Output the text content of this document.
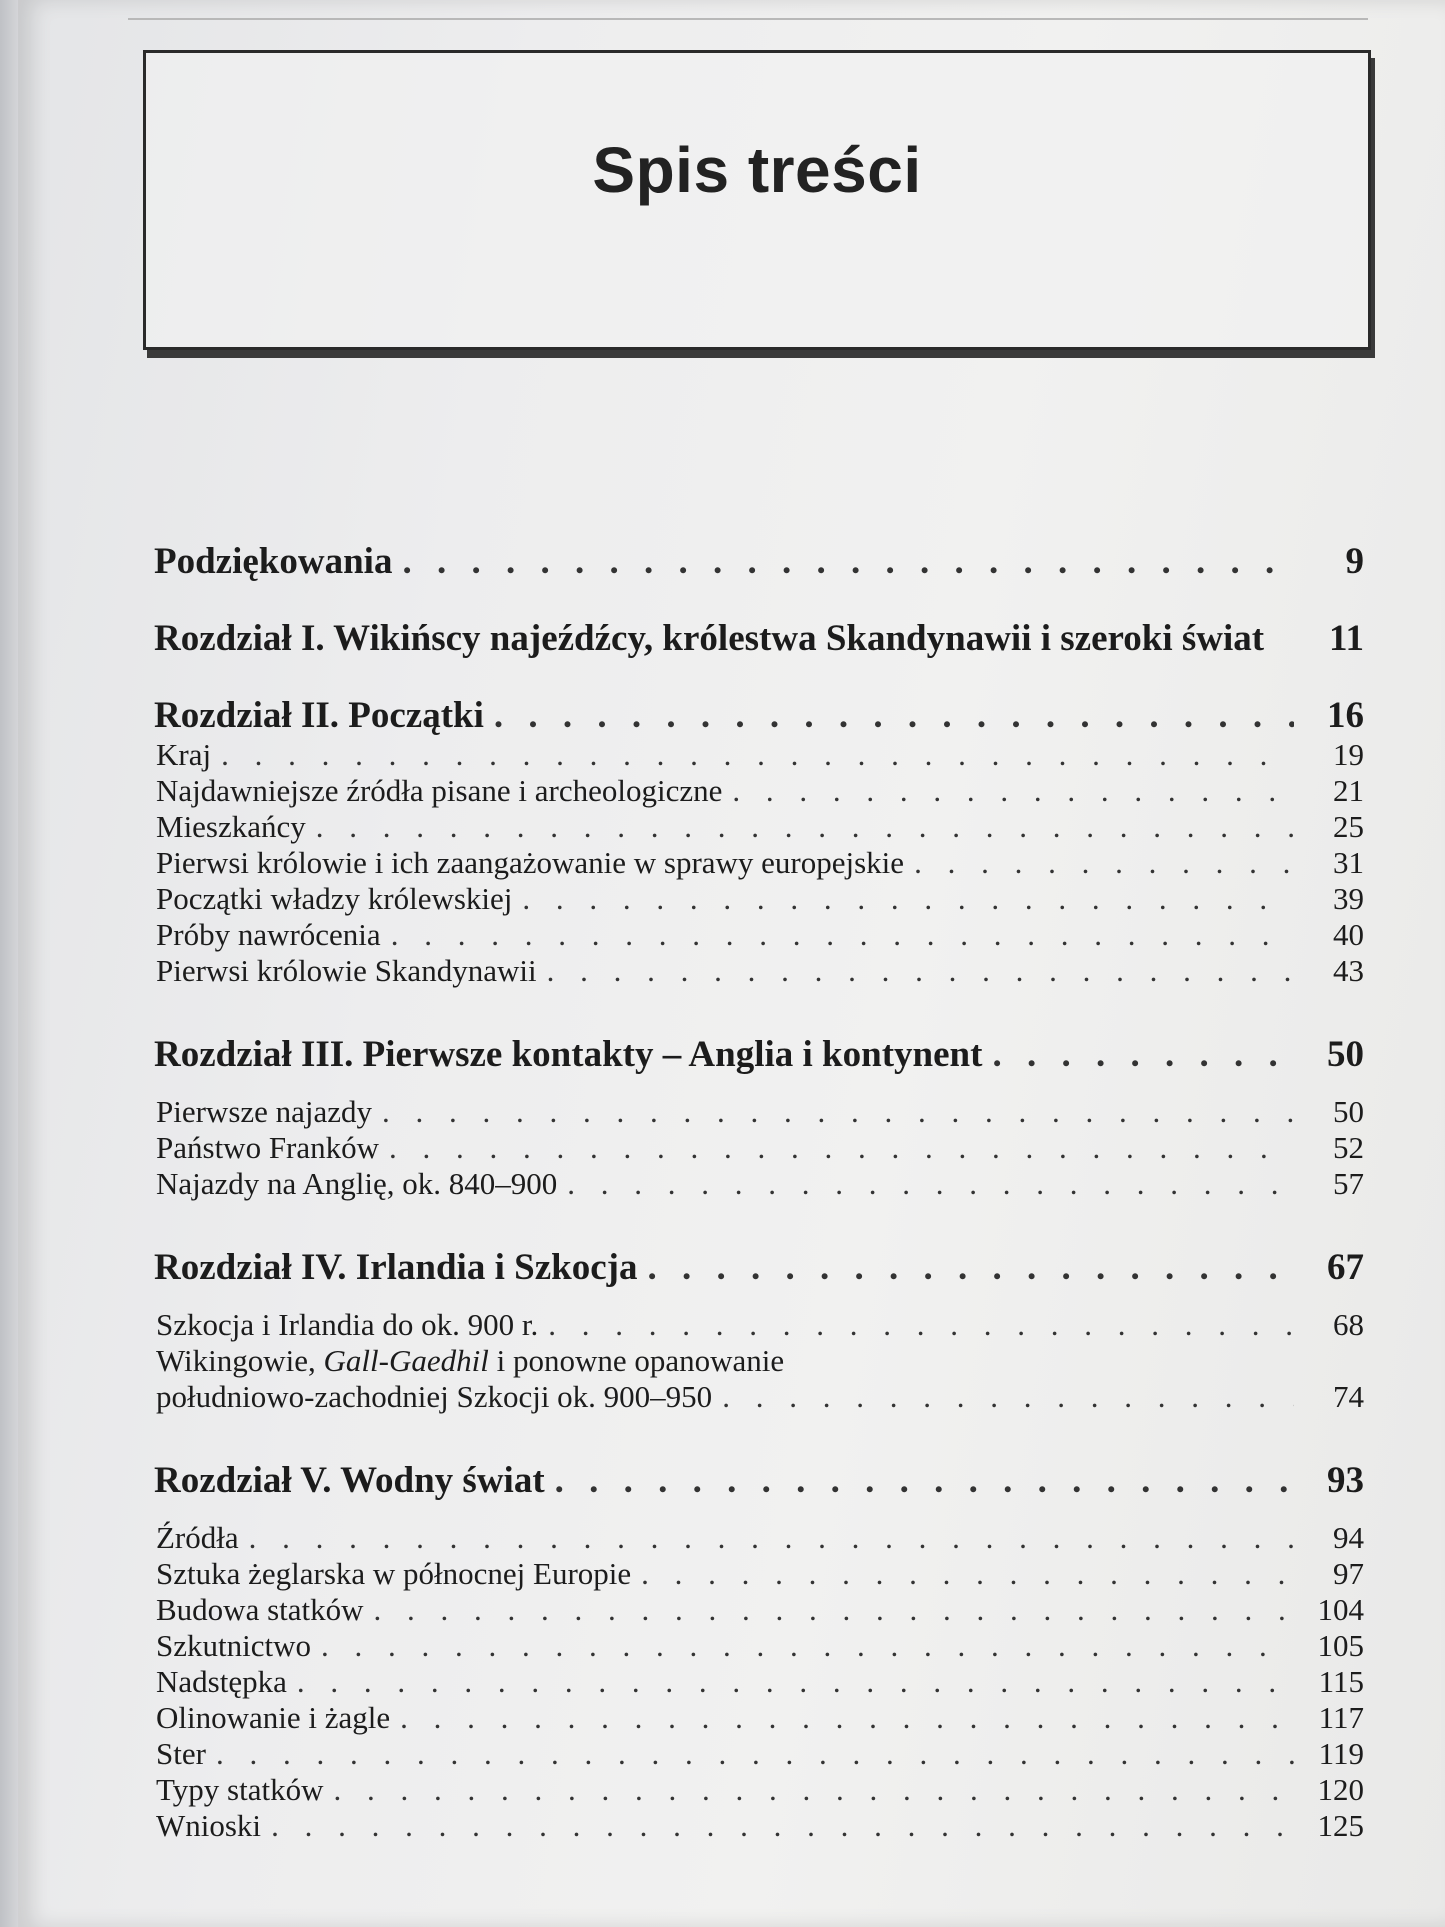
Spis treści
Podziękowania . . .	9
Rozdział I. Wikińscy najeźdźcy, królestwa Skandynawii i szeroki świat	11
Rozdział II. Początki . . .	16
Kraj . . .	19
Najdawniejsze źródła pisane i archeologiczne . . .	21
Mieszkańcy . . .	25
Pierwsi królowie i ich zaangażowanie w sprawy europejskie . . .	31
Początki władzy królewskiej . . .	39
Próby nawrócenia . . .	40
Pierwsi królowie Skandynawii . . .	43
Rozdział III. Pierwsze kontakty – Anglia i kontynent . . .	50
Pierwsze najazdy . . .	50
Państwo Franków . . .	52
Najazdy na Anglię, ok. 840–900 . . .	57
Rozdział IV. Irlandia i Szkocja . . .	67
Szkocja i Irlandia do ok. 900 r. . . .	68
Wikingowie, Gall-Gaedhil i ponowne opanowanie
południowo-zachodniej Szkocji ok. 900–950 . . .	74
Rozdział V. Wodny świat . . .	93
Źródła . . .	94
Sztuka żeglarska w północnej Europie . . .	97
Budowa statków . . .	104
Szkutnictwo . . .	105
Nadstępka . . .	115
Olinowanie i żagle . . .	117
Ster . . .	119
Typy statków . . .	120
Wnioski . . .	125
